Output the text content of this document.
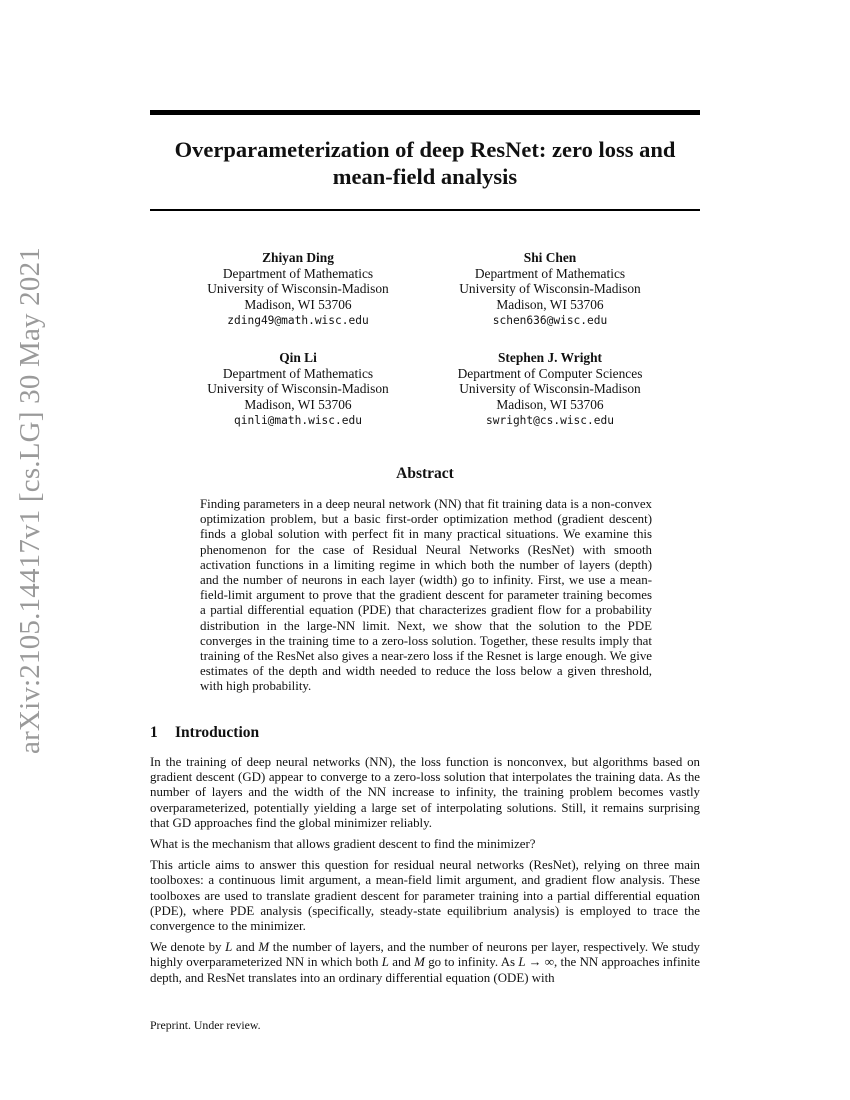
arXiv:2105.14417v1 [cs.LG] 30 May 2021
Overparameterization of deep ResNet: zero loss and
mean-field analysis
Zhiyan Ding
Department of Mathematics
University of Wisconsin-Madison
Madison, WI 53706
zding49@math.wisc.edu
Shi Chen
Department of Mathematics
University of Wisconsin-Madison
Madison, WI 53706
schen636@wisc.edu
Qin Li
Department of Mathematics
University of Wisconsin-Madison
Madison, WI 53706
qinli@math.wisc.edu
Stephen J. Wright
Department of Computer Sciences
University of Wisconsin-Madison
Madison, WI 53706
swright@cs.wisc.edu
Abstract

Finding parameters in a deep neural network (NN) that fit training data is a non-convex optimization problem, but a basic first-order optimization method (gradient descent) finds a global solution with perfect fit in many practical situations. We examine this phenomenon for the case of Residual Neural Networks (ResNet) with smooth activation functions in a limiting regime in which both the number of layers (depth) and the number of neurons in each layer (width) go to infinity. First, we use a mean-field-limit argument to prove that the gradient descent for parameter training becomes a partial differential equation (PDE) that characterizes gradient flow for a probability distribution in the large-NN limit. Next, we show that the solution to the PDE converges in the training time to a zero-loss solution. Together, these results imply that training of the ResNet also gives a near-zero loss if the Resnet is large enough. We give estimates of the depth and width needed to reduce the loss below a given threshold, with high probability.

1 Introduction

In the training of deep neural networks (NN), the loss function is nonconvex, but algorithms based on gradient descent (GD) appear to converge to a zero-loss solution that interpolates the training data. As the number of layers and the width of the NN increase to infinity, the training problem becomes vastly overparameterized, potentially yielding a large set of interpolating solutions. Still, it remains surprising that GD approaches find the global minimizer reliably.

What is the mechanism that allows gradient descent to find the minimizer?

This article aims to answer this question for residual neural networks (ResNet), relying on three main toolboxes: a continuous limit argument, a mean-field limit argument, and gradient flow analysis. These toolboxes are used to translate gradient descent for parameter training into a partial differential equation (PDE), where PDE analysis (specifically, steady-state equilibrium analysis) is employed to trace the convergence to the minimizer.

We denote by L and M the number of layers, and the number of neurons per layer, respectively. We study highly overparameterized NN in which both L and M go to infinity. As L → ∞, the NN approaches infinite depth, and ResNet translates into an ordinary differential equation (ODE) with

Preprint. Under review.
